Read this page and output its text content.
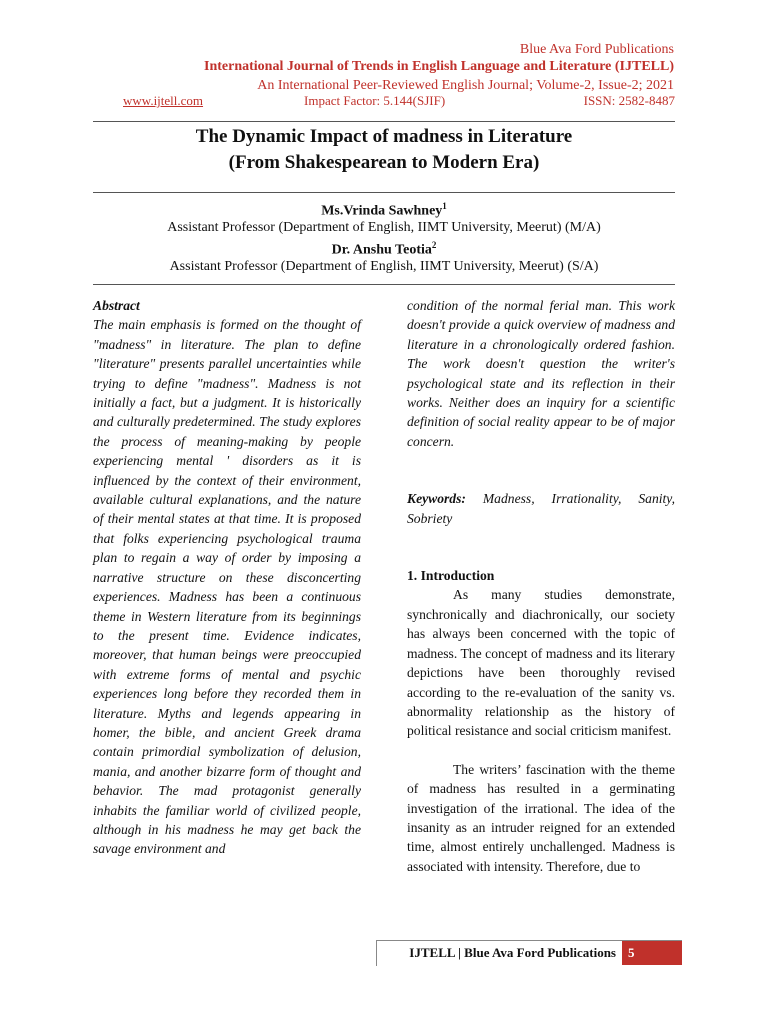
Blue Ava Ford Publications
International Journal of Trends in English Language and Literature (IJTELL)
An International Peer-Reviewed English Journal; Volume-2, Issue-2; 2021
www.ijtell.com	Impact Factor: 5.144(SJIF)	ISSN: 2582-8487
The Dynamic Impact of madness in Literature
(From Shakespearean to Modern Era)
Ms.Vrinda Sawhney$^1$
Assistant Professor (Department of English, IIMT University, Meerut) (M/A)
Dr. Anshu Teotia$^2$
Assistant Professor (Department of English, IIMT University, Meerut) (S/A)

Abstract

The main emphasis is formed on the thought of "madness" in literature. The plan to define "literature" presents parallel uncertainties while trying to define "madness". Madness is not initially a fact, but a judgment. It is historically and culturally predetermined. The study explores the process of meaning-making by people experiencing mental ' disorders as it is influenced by the context of their environment, available cultural explanations, and the nature of their mental states at that time. It is proposed that folks experiencing psychological trauma plan to regain a way of order by imposing a narrative structure on these disconcerting experiences. Madness has been a continuous theme in Western literature from its beginnings to the present time. Evidence indicates, moreover, that human beings were preoccupied with extreme forms of mental and psychic experiences long before they recorded them in literature. Myths and legends appearing in homer, the bible, and ancient Greek drama contain primordial symbolization of delusion, mania, and another bizarre form of thought and behavior. The mad protagonist generally inhabits the familiar world of civilized people, although in his madness he may get back the savage environment and

condition of the normal ferial man. This work doesn't provide a quick overview of madness and literature in a chronologically ordered fashion. The work doesn't question the writer's psychological state and its reflection in their works. Neither does an inquiry for a scientific definition of social reality appear to be of major concern.

Keywords: Madness, Irrationality, Sanity, Sobriety

1. Introduction

As many studies demonstrate, synchronically and diachronically, our society has always been concerned with the topic of madness. The concept of madness and its literary depictions have been thoroughly revised according to the re-evaluation of the sanity vs. abnormality relationship as the history of political resistance and social criticism manifest.

The writers’ fascination with the theme of madness has resulted in a germinating investigation of the irrational. The idea of the insanity as an intruder reigned for an extended time, almost entirely unchallenged. Madness is associated with intensity. Therefore, due to

IJTELL | Blue Ava Ford Publications 5
